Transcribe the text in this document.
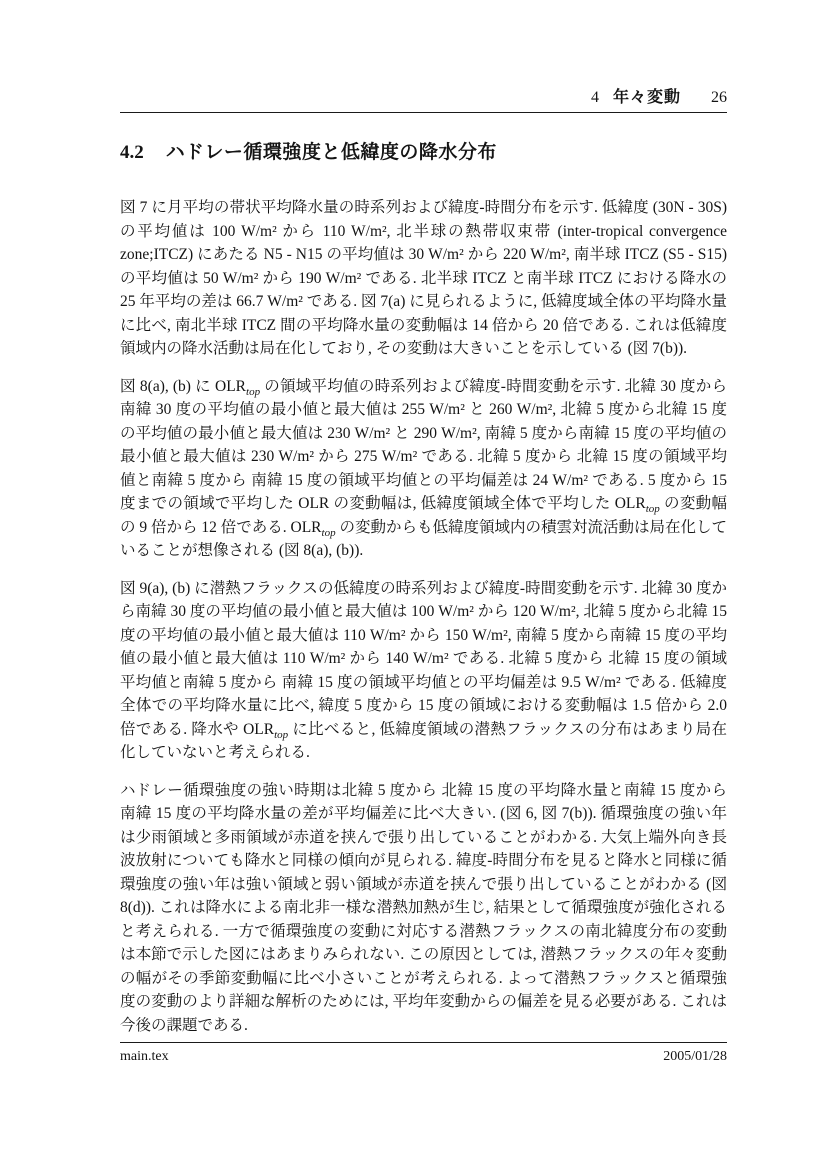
4 年々変動 26
4.2 ハドレー循環強度と低緯度の降水分布

図 7 に月平均の帯状平均降水量の時系列および緯度-時間分布を示す. 低緯度 (30N - 30S) の平均値は 100 W/m² から 110 W/m², 北半球の熱帯収束帯 (inter-tropical convergence zone;ITCZ) にあたる N5 - N15 の平均値は 30 W/m² から 220 W/m², 南半球 ITCZ (S5 - S15) の平均値は 50 W/m² から 190 W/m² である. 北半球 ITCZ と南半球 ITCZ における降水の 25 年平均の差は 66.7 W/m² である. 図 7(a) に見られるように, 低緯度域全体の平均降水量に比べ, 南北半球 ITCZ 間の平均降水量の変動幅は 14 倍から 20 倍である. これは低緯度領域内の降水活動は局在化しており, その変動は大きいことを示している (図 7(b)).

図 8(a), (b) に $OLR_{top}$ の領域平均値の時系列および緯度-時間変動を示す. 北緯 30 度から南緯 30 度の平均値の最小値と最大値は 255 W/m² と 260 W/m², 北緯 5 度から北緯 15 度の平均値の最小値と最大値は 230 W/m² と 290 W/m², 南緯 5 度から南緯 15 度の平均値の最小値と最大値は 230 W/m² から 275 W/m² である. 北緯 5 度から 北緯 15 度の領域平均値と南緯 5 度から 南緯 15 度の領域平均値との平均偏差は 24 W/m² である. 5 度から 15 度までの領域で平均した OLR の変動幅は, 低緯度領域全体で平均した $OLR_{top}$ の変動幅の 9 倍から 12 倍である. $OLR_{top}$ の変動からも低緯度領域内の積雲対流活動は局在化していることが想像される (図 8(a), (b)).

図 9(a), (b) に潜熱フラックスの低緯度の時系列および緯度-時間変動を示す. 北緯 30 度から南緯 30 度の平均値の最小値と最大値は 100 W/m² から 120 W/m², 北緯 5 度から北緯 15 度の平均値の最小値と最大値は 110 W/m² から 150 W/m², 南緯 5 度から南緯 15 度の平均値の最小値と最大値は 110 W/m² から 140 W/m² である. 北緯 5 度から 北緯 15 度の領域平均値と南緯 5 度から 南緯 15 度の領域平均値との平均偏差は 9.5 W/m² である. 低緯度全体での平均降水量に比べ, 緯度 5 度から 15 度の領域における変動幅は 1.5 倍から 2.0 倍である. 降水や $OLR_{top}$ に比べると, 低緯度領域の潜熱フラックスの分布はあまり局在化していないと考えられる.

ハドレー循環強度の強い時期は北緯 5 度から 北緯 15 度の平均降水量と南緯 15 度から 南緯 15 度の平均降水量の差が平均偏差に比べ大きい. (図 6, 図 7(b)). 循環強度の強い年は少雨領域と多雨領域が赤道を挟んで張り出していることがわかる. 大気上端外向き長波放射についても降水と同様の傾向が見られる. 緯度-時間分布を見ると降水と同様に循環強度の強い年は強い領域と弱い領域が赤道を挟んで張り出していることがわかる (図 8(d)). これは降水による南北非一様な潜熱加熱が生じ, 結果として循環強度が強化されると考えられる. 一方で循環強度の変動に対応する潜熱フラックスの南北緯度分布の変動は本節で示した図にはあまりみられない. この原因としては, 潜熱フラックスの年々変動の幅がその季節変動幅に比べ小さいことが考えられる. よって潜熱フラックスと循環強度の変動のより詳細な解析のためには, 平均年変動からの偏差を見る必要がある. これは今後の課題である.

main.tex	2005/01/28
